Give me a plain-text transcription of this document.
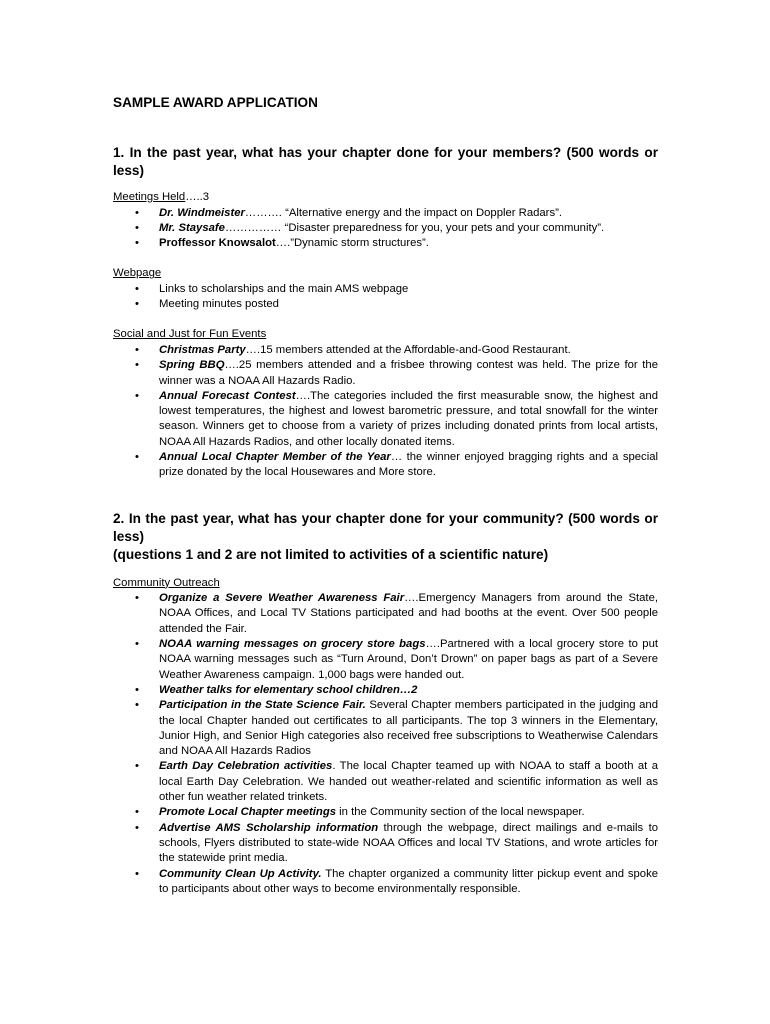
SAMPLE AWARD APPLICATION
1. In the past year, what has your chapter done for your members? (500 words or less)

Meetings Held…..3

•
Dr. Windmeister………. “Alternative energy and the impact on Doppler Radars”.
•
Mr. Staysafe…………… “Disaster preparedness for you, your pets and your community”.
•
Proffessor Knowsalot….”Dynamic storm structures”.

Webpage

•
Links to scholarships and the main AMS webpage
•
Meeting minutes posted

Social and Just for Fun Events

•
Christmas Party….15 members attended at the Affordable-and-Good Restaurant.
•
Spring BBQ….25 members attended and a frisbee throwing contest was held. The prize for the winner was a NOAA All Hazards Radio.
•
Annual Forecast Contest….The categories included the first measurable snow, the highest and lowest temperatures, the highest and lowest barometric pressure, and total snowfall for the winter season. Winners get to choose from a variety of prizes including donated prints from local artists, NOAA All Hazards Radios, and other locally donated items.
•
Annual Local Chapter Member of the Year… the winner enjoyed bragging rights and a special prize donated by the local Housewares and More store.
2. In the past year, what has your chapter done for your community? (500 words or less)
(questions 1 and 2 are not limited to activities of a scientific nature)

Community Outreach

•
Organize a Severe Weather Awareness Fair….Emergency Managers from around the State, NOAA Offices, and Local TV Stations participated and had booths at the event. Over 500 people attended the Fair.
•
NOAA warning messages on grocery store bags….Partnered with a local grocery store to put NOAA warning messages such as “Turn Around, Don’t Drown” on paper bags as part of a Severe Weather Awareness campaign. 1,000 bags were handed out.
•
Weather talks for elementary school children…2
•
Participation in the State Science Fair. Several Chapter members participated in the judging and the local Chapter handed out certificates to all participants. The top 3 winners in the Elementary, Junior High, and Senior High categories also received free subscriptions to Weatherwise Calendars and NOAA All Hazards Radios
•
Earth Day Celebration activities. The local Chapter teamed up with NOAA to staff a booth at a local Earth Day Celebration. We handed out weather-related and scientific information as well as other fun weather related trinkets.
•
Promote Local Chapter meetings in the Community section of the local newspaper.
•
Advertise AMS Scholarship information through the webpage, direct mailings and e-mails to schools, Flyers distributed to state-wide NOAA Offices and local TV Stations, and wrote articles for the statewide print media.
•
Community Clean Up Activity. The chapter organized a community litter pickup event and spoke to participants about other ways to become environmentally responsible.
